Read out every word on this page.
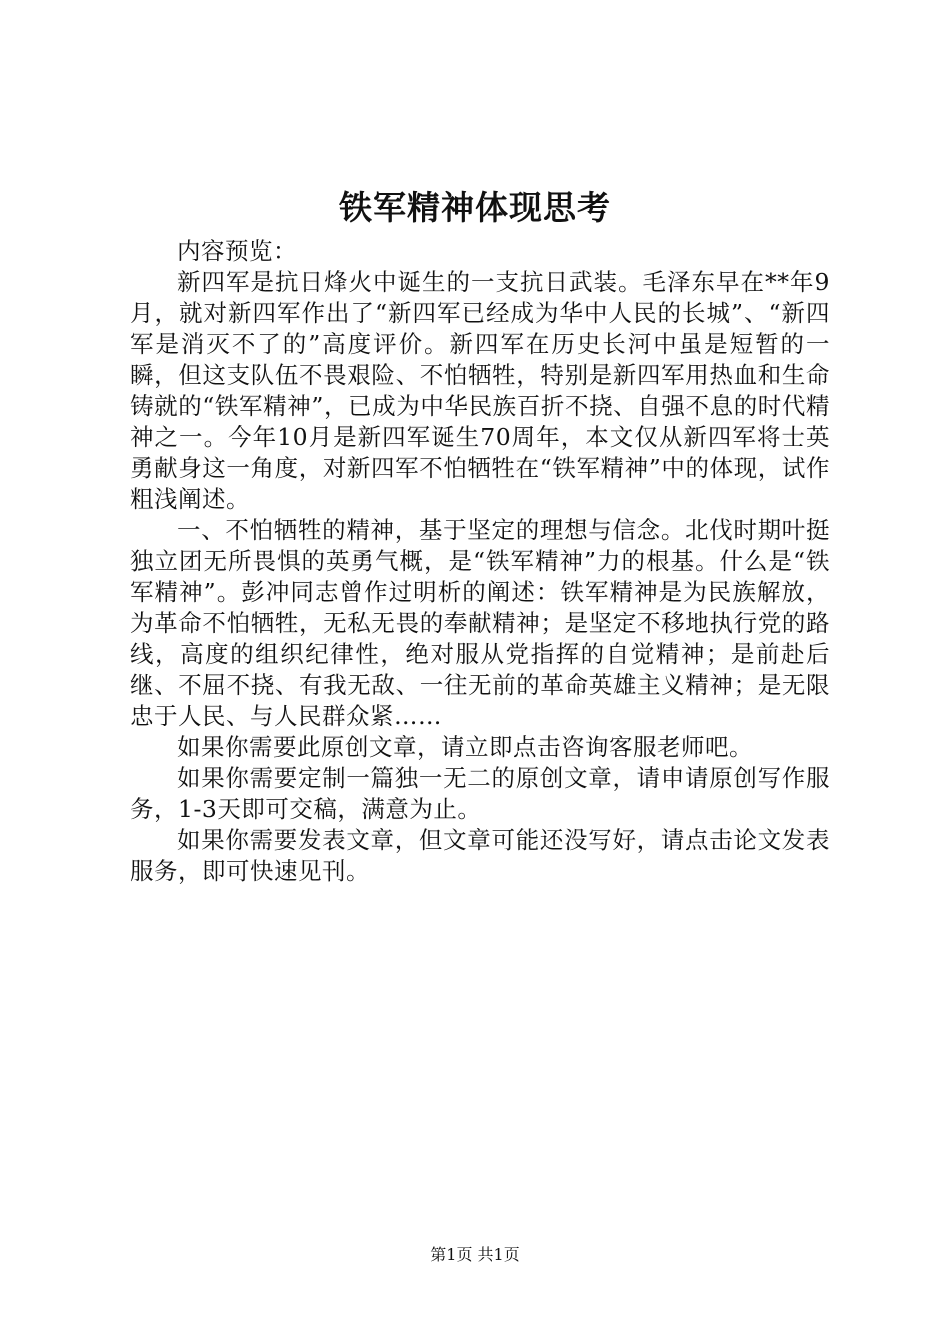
铁军精神体现思考

内容预览：

新四军是抗日烽火中诞生的一支抗日武装。毛泽东早在**年9月，就对新四军作出了“新四军已经成为华中人民的长城”、“新四军是消灭不了的”高度评价。新四军在历史长河中虽是短暂的一瞬，但这支队伍不畏艰险、不怕牺牲，特别是新四军用热血和生命铸就的“铁军精神”，已成为中华民族百折不挠、自强不息的时代精神之一。今年10月是新四军诞生70周年，本文仅从新四军将士英勇献身这一角度，对新四军不怕牺牲在“铁军精神”中的体现，试作粗浅阐述。

一、不怕牺牲的精神，基于坚定的理想与信念。北伐时期叶挺独立团无所畏惧的英勇气概，是“铁军精神”力的根基。什么是“铁军精神”。彭冲同志曾作过明析的阐述：铁军精神是为民族解放，为革命不怕牺牲，无私无畏的奉献精神；是坚定不移地执行党的路线，高度的组织纪律性，绝对服从党指挥的自觉精神；是前赴后继、不屈不挠、有我无敌、一往无前的革命英雄主义精神；是无限忠于人民、与人民群众紧……

如果你需要此原创文章，请立即点击咨询客服老师吧。

如果你需要定制一篇独一无二的原创文章，请申请原创写作服务，1-3天即可交稿，满意为止。

如果你需要发表文章，但文章可能还没写好，请点击论文发表服务，即可快速见刊。

第1页 共1页
